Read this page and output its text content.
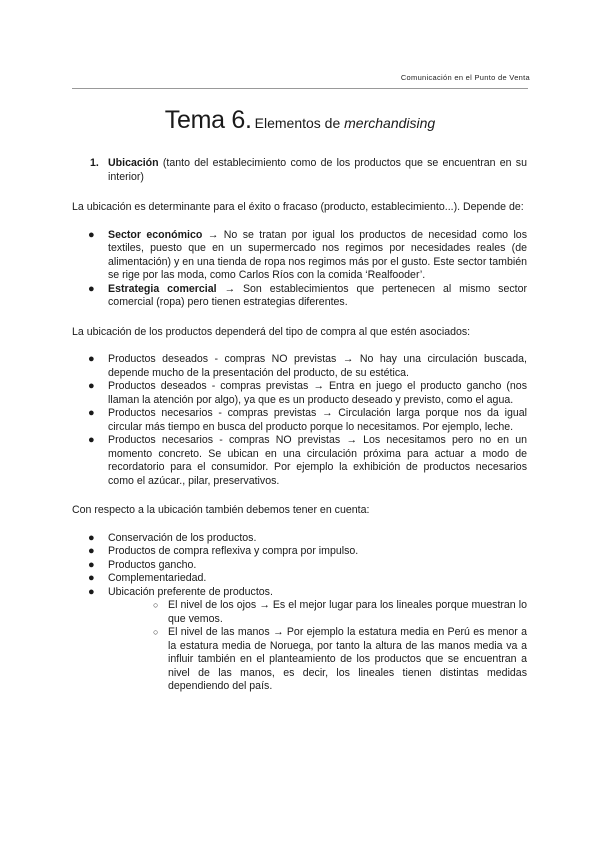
Comunicación en el Punto de Venta
Tema 6. Elementos de merchandising
1. Ubicación (tanto del establecimiento como de los productos que se encuentran en su interior)

La ubicación es determinante para el éxito o fracaso (producto, establecimiento...). Depende de:

● Sector económico → No se tratan por igual los productos de necesidad como los textiles, puesto que en un supermercado nos regimos por necesidades reales (de alimentación) y en una tienda de ropa nos regimos más por el gusto. Este sector también se rige por las moda, como Carlos Ríos con la comida ‘Realfooder’.
● Estrategia comercial → Son establecimientos que pertenecen al mismo sector comercial (ropa) pero tienen estrategias diferentes.

La ubicación de los productos dependerá del tipo de compra al que estén asociados:

● Productos deseados - compras NO previstas → No hay una circulación buscada, depende mucho de la presentación del producto, de su estética.
● Productos deseados - compras previstas → Entra en juego el producto gancho (nos llaman la atención por algo), ya que es un producto deseado y previsto, como el agua.
● Productos necesarios - compras previstas → Circulación larga porque nos da igual circular más tiempo en busca del producto porque lo necesitamos. Por ejemplo, leche.
● Productos necesarios - compras NO previstas → Los necesitamos pero no en un momento concreto. Se ubican en una circulación próxima para actuar a modo de recordatorio para el consumidor. Por ejemplo la exhibición de productos necesarios como el azúcar., pilar, preservativos.

Con respecto a la ubicación también debemos tener en cuenta:

● Conservación de los productos.
● Productos de compra reflexiva y compra por impulso.
● Productos gancho.
● Complementariedad.
● Ubicación preferente de productos.
○ El nivel de los ojos → Es el mejor lugar para los lineales porque muestran lo que vemos.
○ El nivel de las manos → Por ejemplo la estatura media en Perú es menor a la estatura media de Noruega, por tanto la altura de las manos media va a influir también en el planteamiento de los productos que se encuentran a nivel de las manos, es decir, los lineales tienen distintas medidas dependiendo del país.
